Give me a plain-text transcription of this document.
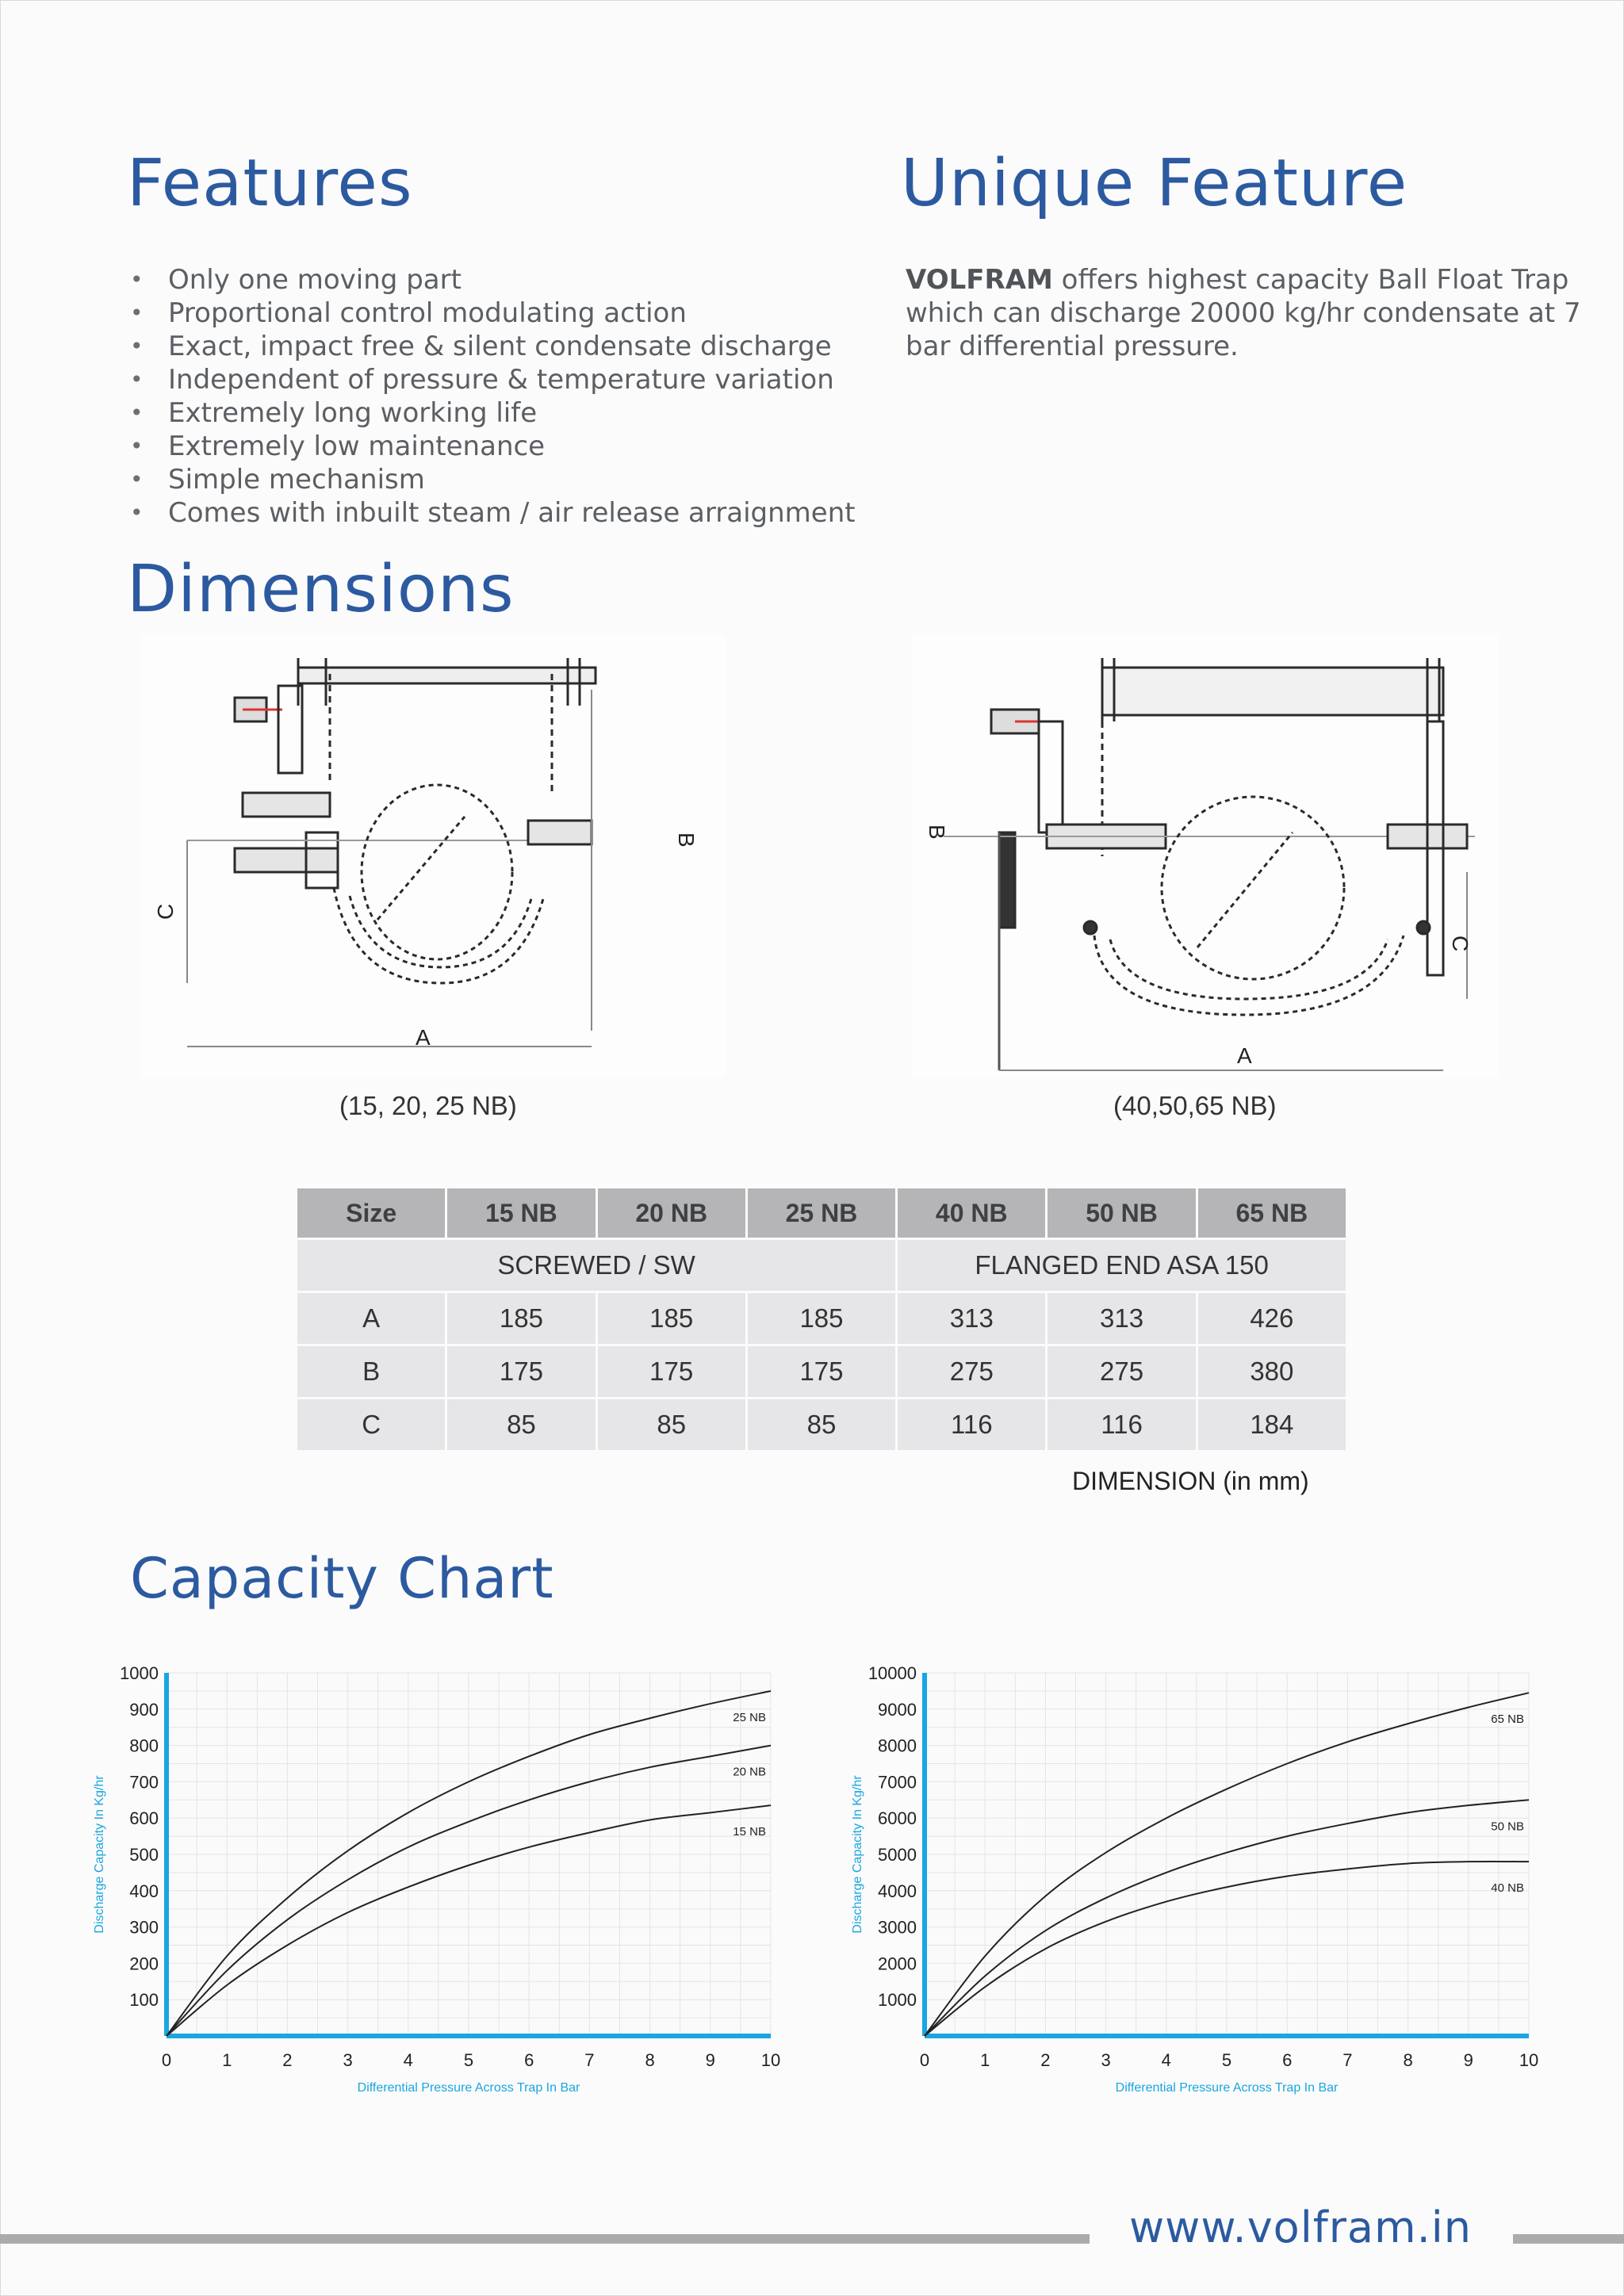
Features
• Only one moving part
• Proportional control modulating action
• Exact, impact free & silent condensate discharge
• Independent of pressure & temperature variation
• Extremely long working life
• Extremely low maintenance
• Simple mechanism
• Comes with inbuilt steam / air release arraignment
Unique Feature
VOLFRAM offers highest capacity Ball Float Trap which can discharge 20000 kg/hr condensate at 7 bar differential pressure.
Dimensions
A
B
C
A
B
C
(15, 20, 25 NB)	(40,50,65 NB)
Size	15 NB	20 NB	25 NB	40 NB	50 NB	65 NB
SCREWED / SW				FLANGED END ASA 150		
A	185	185	185	313	313	426
B	175	175	175	275	275	380
C	85	85	85	116	116	184
DIMENSION (in mm)
Capacity Chart
0	1	2	3	4	5	6	7	8	9	10
100
200
300
400
500
600
700
800
900
1000
Differential Pressure Across Trap In Bar
Discharge Capacity In Kg/hr
25 NB
20 NB
15 NB
0	1	2	3	4	5	6	7	8	9	10
1000
2000
3000
4000
5000
6000
7000
8000
9000
10000
Differential Pressure Across Trap In Bar
Discharge Capacity In Kg/hr
65 NB
50 NB
40 NB
www.volfram.in
